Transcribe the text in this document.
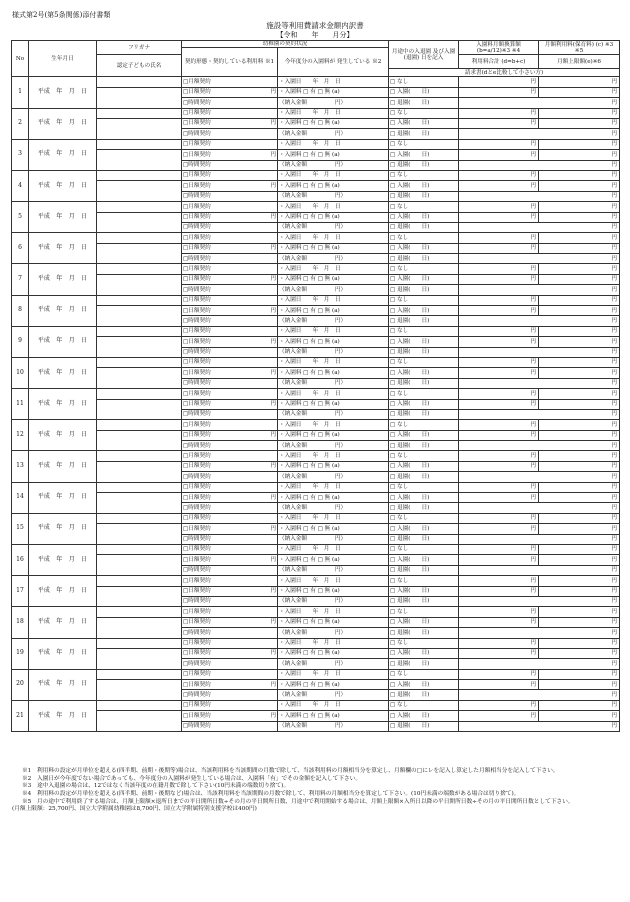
様式第2号(第5条関係)添付書類
施設等利用費請求金額内訳書
【令和　　年　　月分】
No	生年月日	フリガナ	幼稚園の契約状況		月途中の入退園 及び入園(退園) 日を記入	入園料月額換算額 (b=a/12)※3 ※4	月額利用料(保育料) (c) ※3 ※5
			契約形態・契約している利用料 ※1	今年度分の入園料が 発生している ※2			
		認定子どもの氏名				利用料合計 (d=b+c)	月額上限額(e)※6

					請求書(dとe比較して小さい方)		
1	平成　年　月　日		□月額契約	・入園日　　年　月　日	□ なし	円	円

			□日額契約 円	・入園料 □ 有 □ 無 (a)	□ 入園(　　日)	円	円
			□時間契約	（納入金額　　　　　円）	□ 退園(　　日)	円	
2	平成　年　月　日		□月額契約	・入園日　　年　月　日	□ なし	円	円

			□日額契約 円	・入園料 □ 有 □ 無 (a)	□ 入園(　　日)	円	円
			□時間契約	（納入金額　　　　　円）	□ 退園(　　日)	円	
3	平成　年　月　日		□月額契約	・入園日　　年　月　日	□ なし	円	円

			□日額契約 円	・入園料 □ 有 □ 無 (a)	□ 入園(　　日)	円	円
			□時間契約	（納入金額　　　　　円）	□ 退園(　　日)	円	
4	平成　年　月　日		□月額契約	・入園日　　年　月　日	□ なし	円	円

			□日額契約 円	・入園料 □ 有 □ 無 (a)	□ 入園(　　日)	円	円
			□時間契約	（納入金額　　　　　円）	□ 退園(　　日)	円	
5	平成　年　月　日		□月額契約	・入園日　　年　月　日	□ なし	円	円

			□日額契約 円	・入園料 □ 有 □ 無 (a)	□ 入園(　　日)	円	円
			□時間契約	（納入金額　　　　　円）	□ 退園(　　日)	円	
6	平成　年　月　日		□月額契約	・入園日　　年　月　日	□ なし	円	円

			□日額契約 円	・入園料 □ 有 □ 無 (a)	□ 入園(　　日)	円	円
			□時間契約	（納入金額　　　　　円）	□ 退園(　　日)	円	
7	平成　年　月　日		□月額契約	・入園日　　年　月　日	□ なし	円	円

			□日額契約 円	・入園料 □ 有 □ 無 (a)	□ 入園(　　日)	円	円
			□時間契約	（納入金額　　　　　円）	□ 退園(　　日)	円	
8	平成　年　月　日		□月額契約	・入園日　　年　月　日	□ なし	円	円

			□日額契約 円	・入園料 □ 有 □ 無 (a)	□ 入園(　　日)	円	円
			□時間契約	（納入金額　　　　　円）	□ 退園(　　日)	円	
9	平成　年　月　日		□月額契約	・入園日　　年　月　日	□ なし	円	円

			□日額契約 円	・入園料 □ 有 □ 無 (a)	□ 入園(　　日)	円	円
			□時間契約	（納入金額　　　　　円）	□ 退園(　　日)	円	
10	平成　年　月　日		□月額契約	・入園日　　年　月　日	□ なし	円	円

			□日額契約 円	・入園料 □ 有 □ 無 (a)	□ 入園(　　日)	円	円
			□時間契約	（納入金額　　　　　円）	□ 退園(　　日)	円	
11	平成　年　月　日		□月額契約	・入園日　　年　月　日	□ なし	円	円

			□日額契約 円	・入園料 □ 有 □ 無 (a)	□ 入園(　　日)	円	円
			□時間契約	（納入金額　　　　　円）	□ 退園(　　日)	円	
12	平成　年　月　日		□月額契約	・入園日　　年　月　日	□ なし	円	円

			□日額契約 円	・入園料 □ 有 □ 無 (a)	□ 入園(　　日)	円	円
			□時間契約	（納入金額　　　　　円）	□ 退園(　　日)	円	
13	平成　年　月　日		□月額契約	・入園日　　年　月　日	□ なし	円	円

			□日額契約 円	・入園料 □ 有 □ 無 (a)	□ 入園(　　日)	円	円
			□時間契約	（納入金額　　　　　円）	□ 退園(　　日)	円	
14	平成　年　月　日		□月額契約	・入園日　　年　月　日	□ なし	円	円

			□日額契約 円	・入園料 □ 有 □ 無 (a)	□ 入園(　　日)	円	円
			□時間契約	（納入金額　　　　　円）	□ 退園(　　日)	円	
15	平成　年　月　日		□月額契約	・入園日　　年　月　日	□ なし	円	円

			□日額契約 円	・入園料 □ 有 □ 無 (a)	□ 入園(　　日)	円	円
			□時間契約	（納入金額　　　　　円）	□ 退園(　　日)	円	
16	平成　年　月　日		□月額契約	・入園日　　年　月　日	□ なし	円	円

			□日額契約 円	・入園料 □ 有 □ 無 (a)	□ 入園(　　日)	円	円
			□時間契約	（納入金額　　　　　円）	□ 退園(　　日)	円	
17	平成　年　月　日		□月額契約	・入園日　　年　月　日	□ なし	円	円

			□日額契約 円	・入園料 □ 有 □ 無 (a)	□ 入園(　　日)	円	円
			□時間契約	（納入金額　　　　　円）	□ 退園(　　日)	円	
18	平成　年　月　日		□月額契約	・入園日　　年　月　日	□ なし	円	円

			□日額契約 円	・入園料 □ 有 □ 無 (a)	□ 入園(　　日)	円	円
			□時間契約	（納入金額　　　　　円）	□ 退園(　　日)	円	
19	平成　年　月　日		□月額契約	・入園日　　年　月　日	□ なし	円	円

			□日額契約 円	・入園料 □ 有 □ 無 (a)	□ 入園(　　日)	円	円
			□時間契約	（納入金額　　　　　円）	□ 退園(　　日)	円	
20	平成　年　月　日		□月額契約	・入園日　　年　月　日	□ なし	円	円

			□日額契約 円	・入園料 □ 有 □ 無 (a)	□ 入園(　　日)	円	円
			□時間契約	（納入金額　　　　　円）	□ 退園(　　日)	円	
21	平成　年　月　日		□月額契約	・入園日　　年　月　日	□ なし	円	円

			□日額契約 円	・入園料 □ 有 □ 無 (a)	□ 入園(　　日)	円	円
			□時間契約	（納入金額　　　　　円）	□ 退園(　　日)	円	

※1　利用料の設定が月単位を超える(四半期、前期・後期等)場合は、当該利用料を当該期間の月数で除して、当該利用料の月額相当分を算定し、月額欄の□にレを記入し算定した月額相当分を記入して下さい。

※2　入園日が今年度でない場合であっても、今年度分の入園料が発生している場合は、入園料「有」でその金額を記入して下さい。

※3　途中入退園の場合は、12ではなく当該年度の在籍月数で除して下さい(10円未満の端数切り捨て)。

※4　利用料の設定が月単位を超える(四半期、前期・後期など)場合は、当該利用料を当該期間の月数で除して、利用料の月額相当分を算定して下さい。(10円未満の端数がある場合は切り捨て)。

※5　月の途中で利用終了する場合は、月額上限額×退所日までの平日開所日数÷その月の平日開所日数、月途中で利用開始する場合は、月額上限額×入所日以降の平日開所日数÷その月の平日開所日数として下さい。

(月額上限額：25,700円、国立大学附属幼稚園は8,700円、国立大学附属特別支援学校は400円)
